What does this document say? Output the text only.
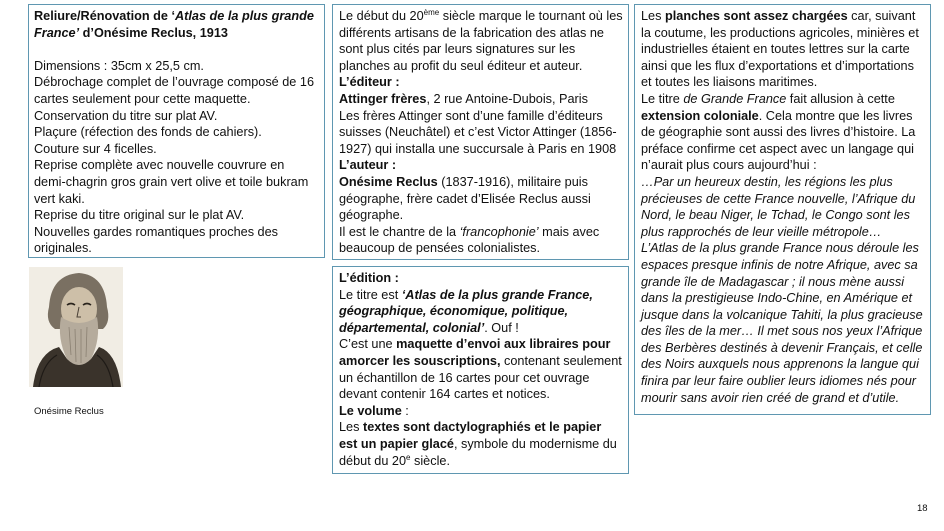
Reliure/Rénovation de ‘Atlas de la plus grande France’ d’Onésime Reclus, 1913

Dimensions : 35cm x 25,5 cm.

Débrochage complet de l’ouvrage composé de 16 cartes seulement pour cette maquette.

Conservation du titre sur plat AV.

Plaçure (réfection des fonds de cahiers).

Couture sur 4 ficelles.

Reprise complète avec nouvelle couvrure en demi-chagrin gros grain vert olive et toile bukram vert kaki.

Reprise du titre original sur le plat AV.

Nouvelles gardes romantiques proches des originales.

Onésime Reclus

Le début du 20ème siècle marque le tournant où les différents artisans de la fabrication des atlas ne sont plus cités par leurs signatures sur les planches au profit du seul éditeur et auteur.

L’éditeur :

Attinger frères, 2 rue Antoine-Dubois, Paris

Les frères Attinger sont d’une famille d’éditeurs suisses (Neuchâtel) et c’est Victor Attinger (1856-1927) qui installa une succursale à Paris en 1908

L’auteur :

Onésime Reclus (1837-1916), militaire puis géographe, frère cadet d’Elisée Reclus aussi géographe.

Il est le chantre de la ‘francophonie’ mais avec beaucoup de pensées colonialistes.

L’édition :

Le titre est ‘Atlas de la plus grande France, géographique, économique, politique, départemental, colonial’. Ouf !

C’est une maquette d’envoi aux libraires pour amorcer les souscriptions, contenant seulement un échantillon de 16 cartes pour cet ouvrage devant contenir 164 cartes et notices.

Le volume :

Les textes sont dactylographiés et le papier est un papier glacé, symbole du modernisme du début du 20e siècle.

Les planches sont assez chargées car, suivant la coutume, les productions agricoles, minières et industrielles étaient en toutes lettres sur la carte ainsi que les flux d’exportations et d’importations et toutes les liaisons maritimes.

Le titre de Grande France fait allusion à cette extension coloniale. Cela montre que les livres de géographie sont aussi des livres d’histoire. La préface confirme cet aspect avec un langage qui n’aurait plus cours aujourd’hui :

…Par un heureux destin, les régions les plus précieuses de cette France nouvelle, l’Afrique du Nord, le beau Niger, le Tchad, le Congo sont les plus rapprochés de leur vieille métropole…

L’Atlas de la plus grande France nous déroule les espaces presque infinis de notre Afrique, avec sa grande île de Madagascar ; il nous mène aussi dans la prestigieuse Indo-Chine, en Amérique et jusque dans la volcanique Tahiti, la plus gracieuse des îles de la mer… Il met sous nos yeux l’Afrique des Berbères destinés à devenir Français, et celle des Noirs auxquels nous apprenons la langue qui finira par leur faire oublier leurs idiomes nés pour mourir sans avoir rien créé de grand et d’utile.

18
